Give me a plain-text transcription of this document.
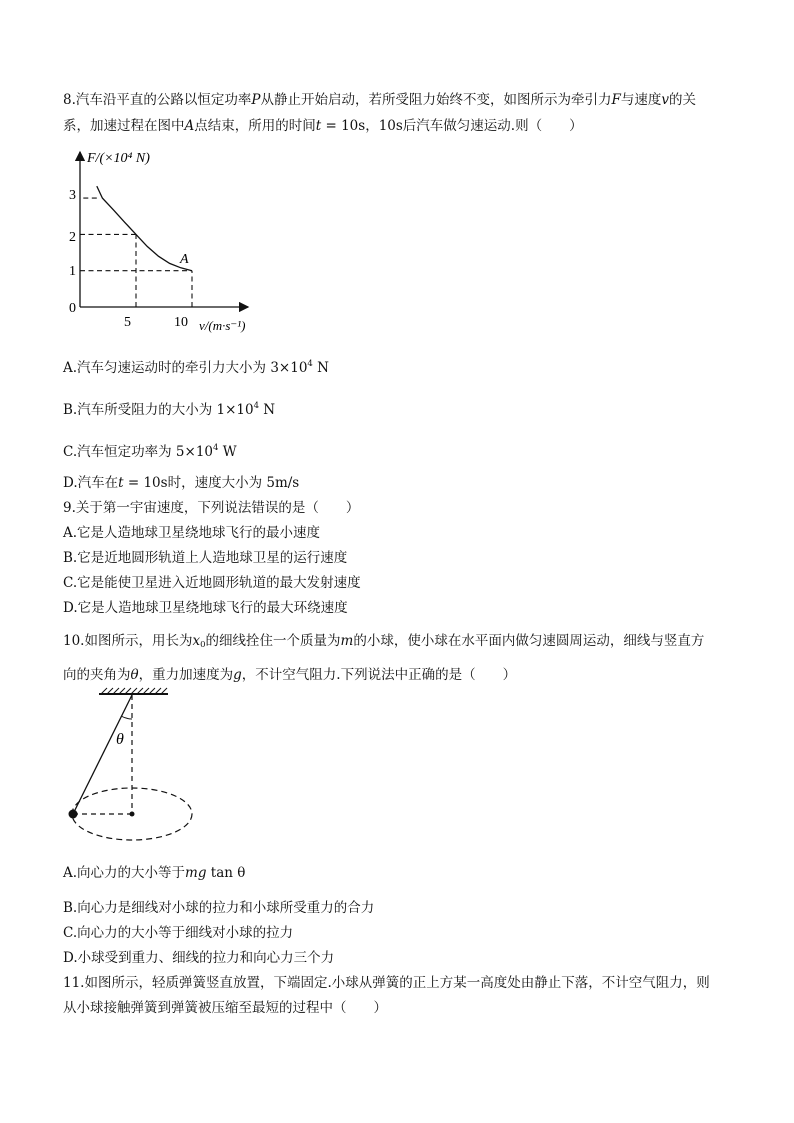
8.汽车沿平直的公路以恒定功率P从静止开始启动，若所受阻力始终不变，如图所示为牵引力F与速度v的关
系，加速过程在图中A点结束，所用的时间t = 10s，10s后汽车做匀速运动.则（　　）
3
2
1
0
5	10
F/(×10⁴ N)
v/(m·s⁻¹)
A
A.汽车匀速运动时的牵引力大小为 $3\times 10^4$ N
B.汽车所受阻力的大小为 $1\times 10^4$ N
C.汽车恒定功率为 $5\times 10^4$ W
D.汽车在t = 10s时，速度大小为 5m/s
9.关于第一宇宙速度，下列说法错误的是（　　）
A.它是人造地球卫星绕地球飞行的最小速度
B.它是近地圆形轨道上人造地球卫星的运行速度
C.它是能使卫星进入近地圆形轨道的最大发射速度
D.它是人造地球卫星绕地球飞行的最大环绕速度
10.如图所示，用长为$x_0$的细线拴住一个质量为m的小球，使小球在水平面内做匀速圆周运动，细线与竖直方
向的夹角为θ，重力加速度为g，不计空气阻力.下列说法中正确的是（　　）
θ
A.向心力的大小等于mg tan θ
B.向心力是细线对小球的拉力和小球所受重力的合力
C.向心力的大小等于细线对小球的拉力
D.小球受到重力、细线的拉力和向心力三个力
11.如图所示，轻质弹簧竖直放置，下端固定.小球从弹簧的正上方某一高度处由静止下落，不计空气阻力，则
从小球接触弹簧到弹簧被压缩至最短的过程中（　　）
